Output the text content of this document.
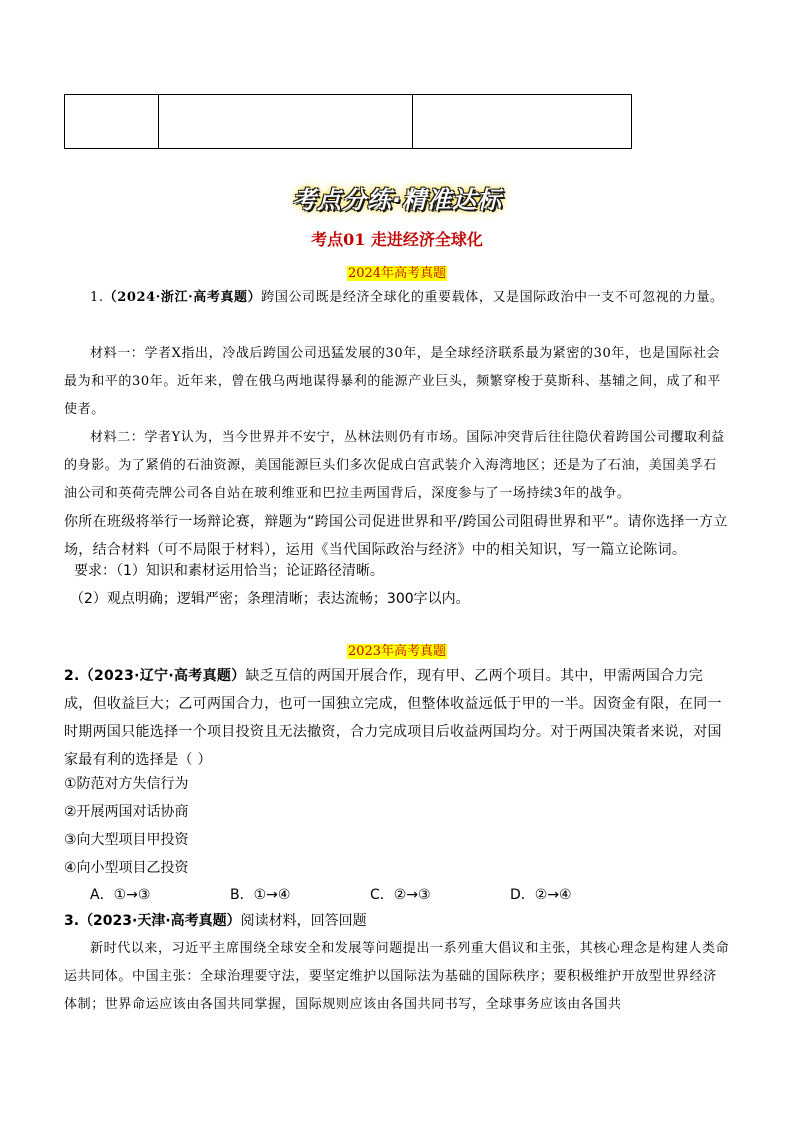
考点分练·精准达标
考点01 走进经济全球化
2024年高考真题

1.（2024·浙江·高考真题）跨国公司既是经济全球化的重要载体，又是国际政治中一支不可忽视的力量。

材料一：学者X指出，冷战后跨国公司迅猛发展的30年，是全球经济联系最为紧密的30年，也是国际社会最为和平的30年。近年来，曾在俄乌两地谋得暴利的能源产业巨头，频繁穿梭于莫斯科、基辅之间，成了和平使者。

材料二：学者Y认为，当今世界并不安宁，丛林法则仍有市场。国际冲突背后往往隐伏着跨国公司攫取利益的身影。为了紧俏的石油资源，美国能源巨头们多次促成白宫武装介入海湾地区；还是为了石油，美国美孚石油公司和英荷壳牌公司各自站在玻利维亚和巴拉圭两国背后，深度参与了一场持续3年的战争。

你所在班级将举行一场辩论赛，辩题为“跨国公司促进世界和平/跨国公司阻碍世界和平”。请你选择一方立场，结合材料（可不局限于材料），运用《当代国际政治与经济》中的相关知识，写一篇立论陈词。

要求：（1）知识和素材运用恰当；论证路径清晰。

（2）观点明确；逻辑严密；条理清晰；表达流畅；300字以内。

2023年高考真题

2.（2023·辽宁·高考真题）缺乏互信的两国开展合作，现有甲、乙两个项目。其中，甲需两国合力完成，但收益巨大；乙可两国合力，也可一国独立完成，但整体收益远低于甲的一半。因资金有限，在同一时期两国只能选择一个项目投资且无法撤资，合力完成项目后收益两国均分。对于两国决策者来说，对国家最有利的选择是（ ）

①防范对方失信行为

②开展两国对话协商

③向大型项目甲投资

④向小型项目乙投资

A．①→③	B．①→④	C．②→③	D．②→④

3.（2023·天津·高考真题）阅读材料，回答回题

新时代以来，习近平主席围绕全球安全和发展等问题提出一系列重大倡议和主张，其核心理念是构建人类命运共同体。中国主张：全球治理要守法，要坚定维护以国际法为基础的国际秩序；要积极维护开放型世界经济体制；世界命运应该由各国共同掌握，国际规则应该由各国共同书写，全球事务应该由各国共
